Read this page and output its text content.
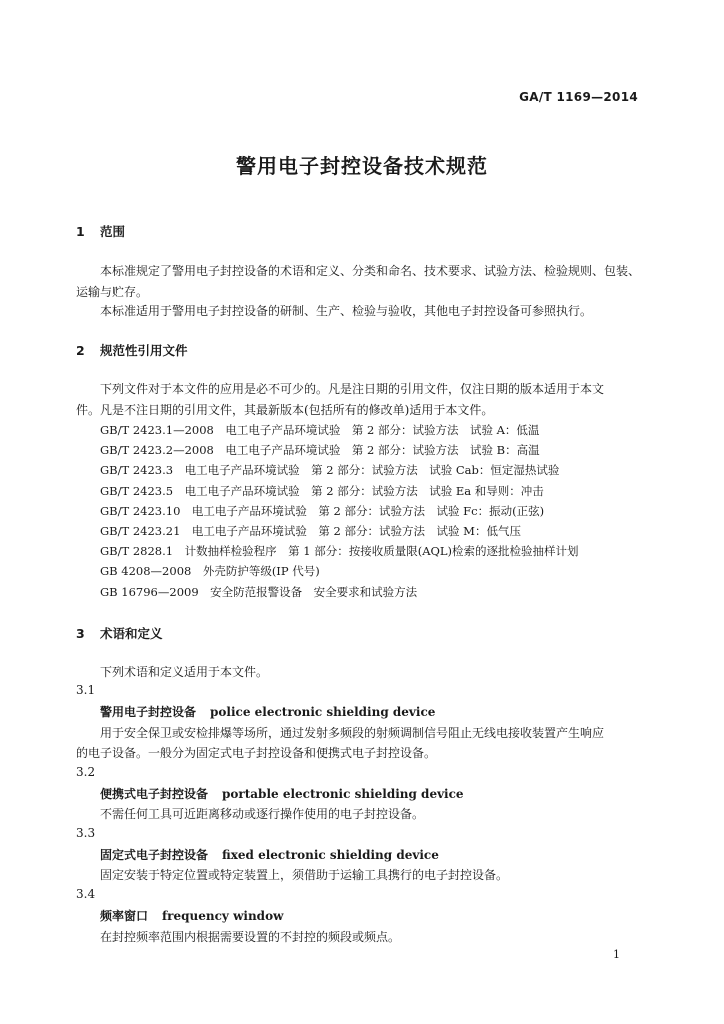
GA/T 1169—2014
警用电子封控设备技术规范
1 范围
本标准规定了警用电子封控设备的术语和定义、分类和命名、技术要求、试验方法、检验规则、包装、
运输与贮存。
本标准适用于警用电子封控设备的研制、生产、检验与验收，其他电子封控设备可参照执行。
2 规范性引用文件
下列文件对于本文件的应用是必不可少的。凡是注日期的引用文件，仅注日期的版本适用于本文
件。凡是不注日期的引用文件，其最新版本(包括所有的修改单)适用于本文件。
GB/T 2423.1—2008　电工电子产品环境试验　第 2 部分：试验方法　试验 A：低温
GB/T 2423.2—2008　电工电子产品环境试验　第 2 部分：试验方法　试验 B：高温
GB/T 2423.3　电工电子产品环境试验　第 2 部分：试验方法　试验 Cab：恒定湿热试验
GB/T 2423.5　电工电子产品环境试验　第 2 部分：试验方法　试验 Ea 和导则：冲击
GB/T 2423.10　电工电子产品环境试验　第 2 部分：试验方法　试验 Fc：振动(正弦)
GB/T 2423.21　电工电子产品环境试验　第 2 部分：试验方法　试验 M：低气压
GB/T 2828.1　计数抽样检验程序　第 1 部分：按接收质量限(AQL)检索的逐批检验抽样计划
GB 4208—2008　外壳防护等级(IP 代号)
GB 16796—2009　安全防范报警设备　安全要求和试验方法
3 术语和定义
下列术语和定义适用于本文件。
3.1
警用电子封控设备 police electronic shielding device
用于安全保卫或安检排爆等场所，通过发射多频段的射频调制信号阻止无线电接收装置产生响应
的电子设备。一般分为固定式电子封控设备和便携式电子封控设备。
3.2
便携式电子封控设备 portable electronic shielding device
不需任何工具可近距离移动或逐行操作使用的电子封控设备。
3.3
固定式电子封控设备 fixed electronic shielding device
固定安装于特定位置或特定装置上，须借助于运输工具携行的电子封控设备。
3.4
频率窗口 frequency window
在封控频率范围内根据需要设置的不封控的频段或频点。
1
